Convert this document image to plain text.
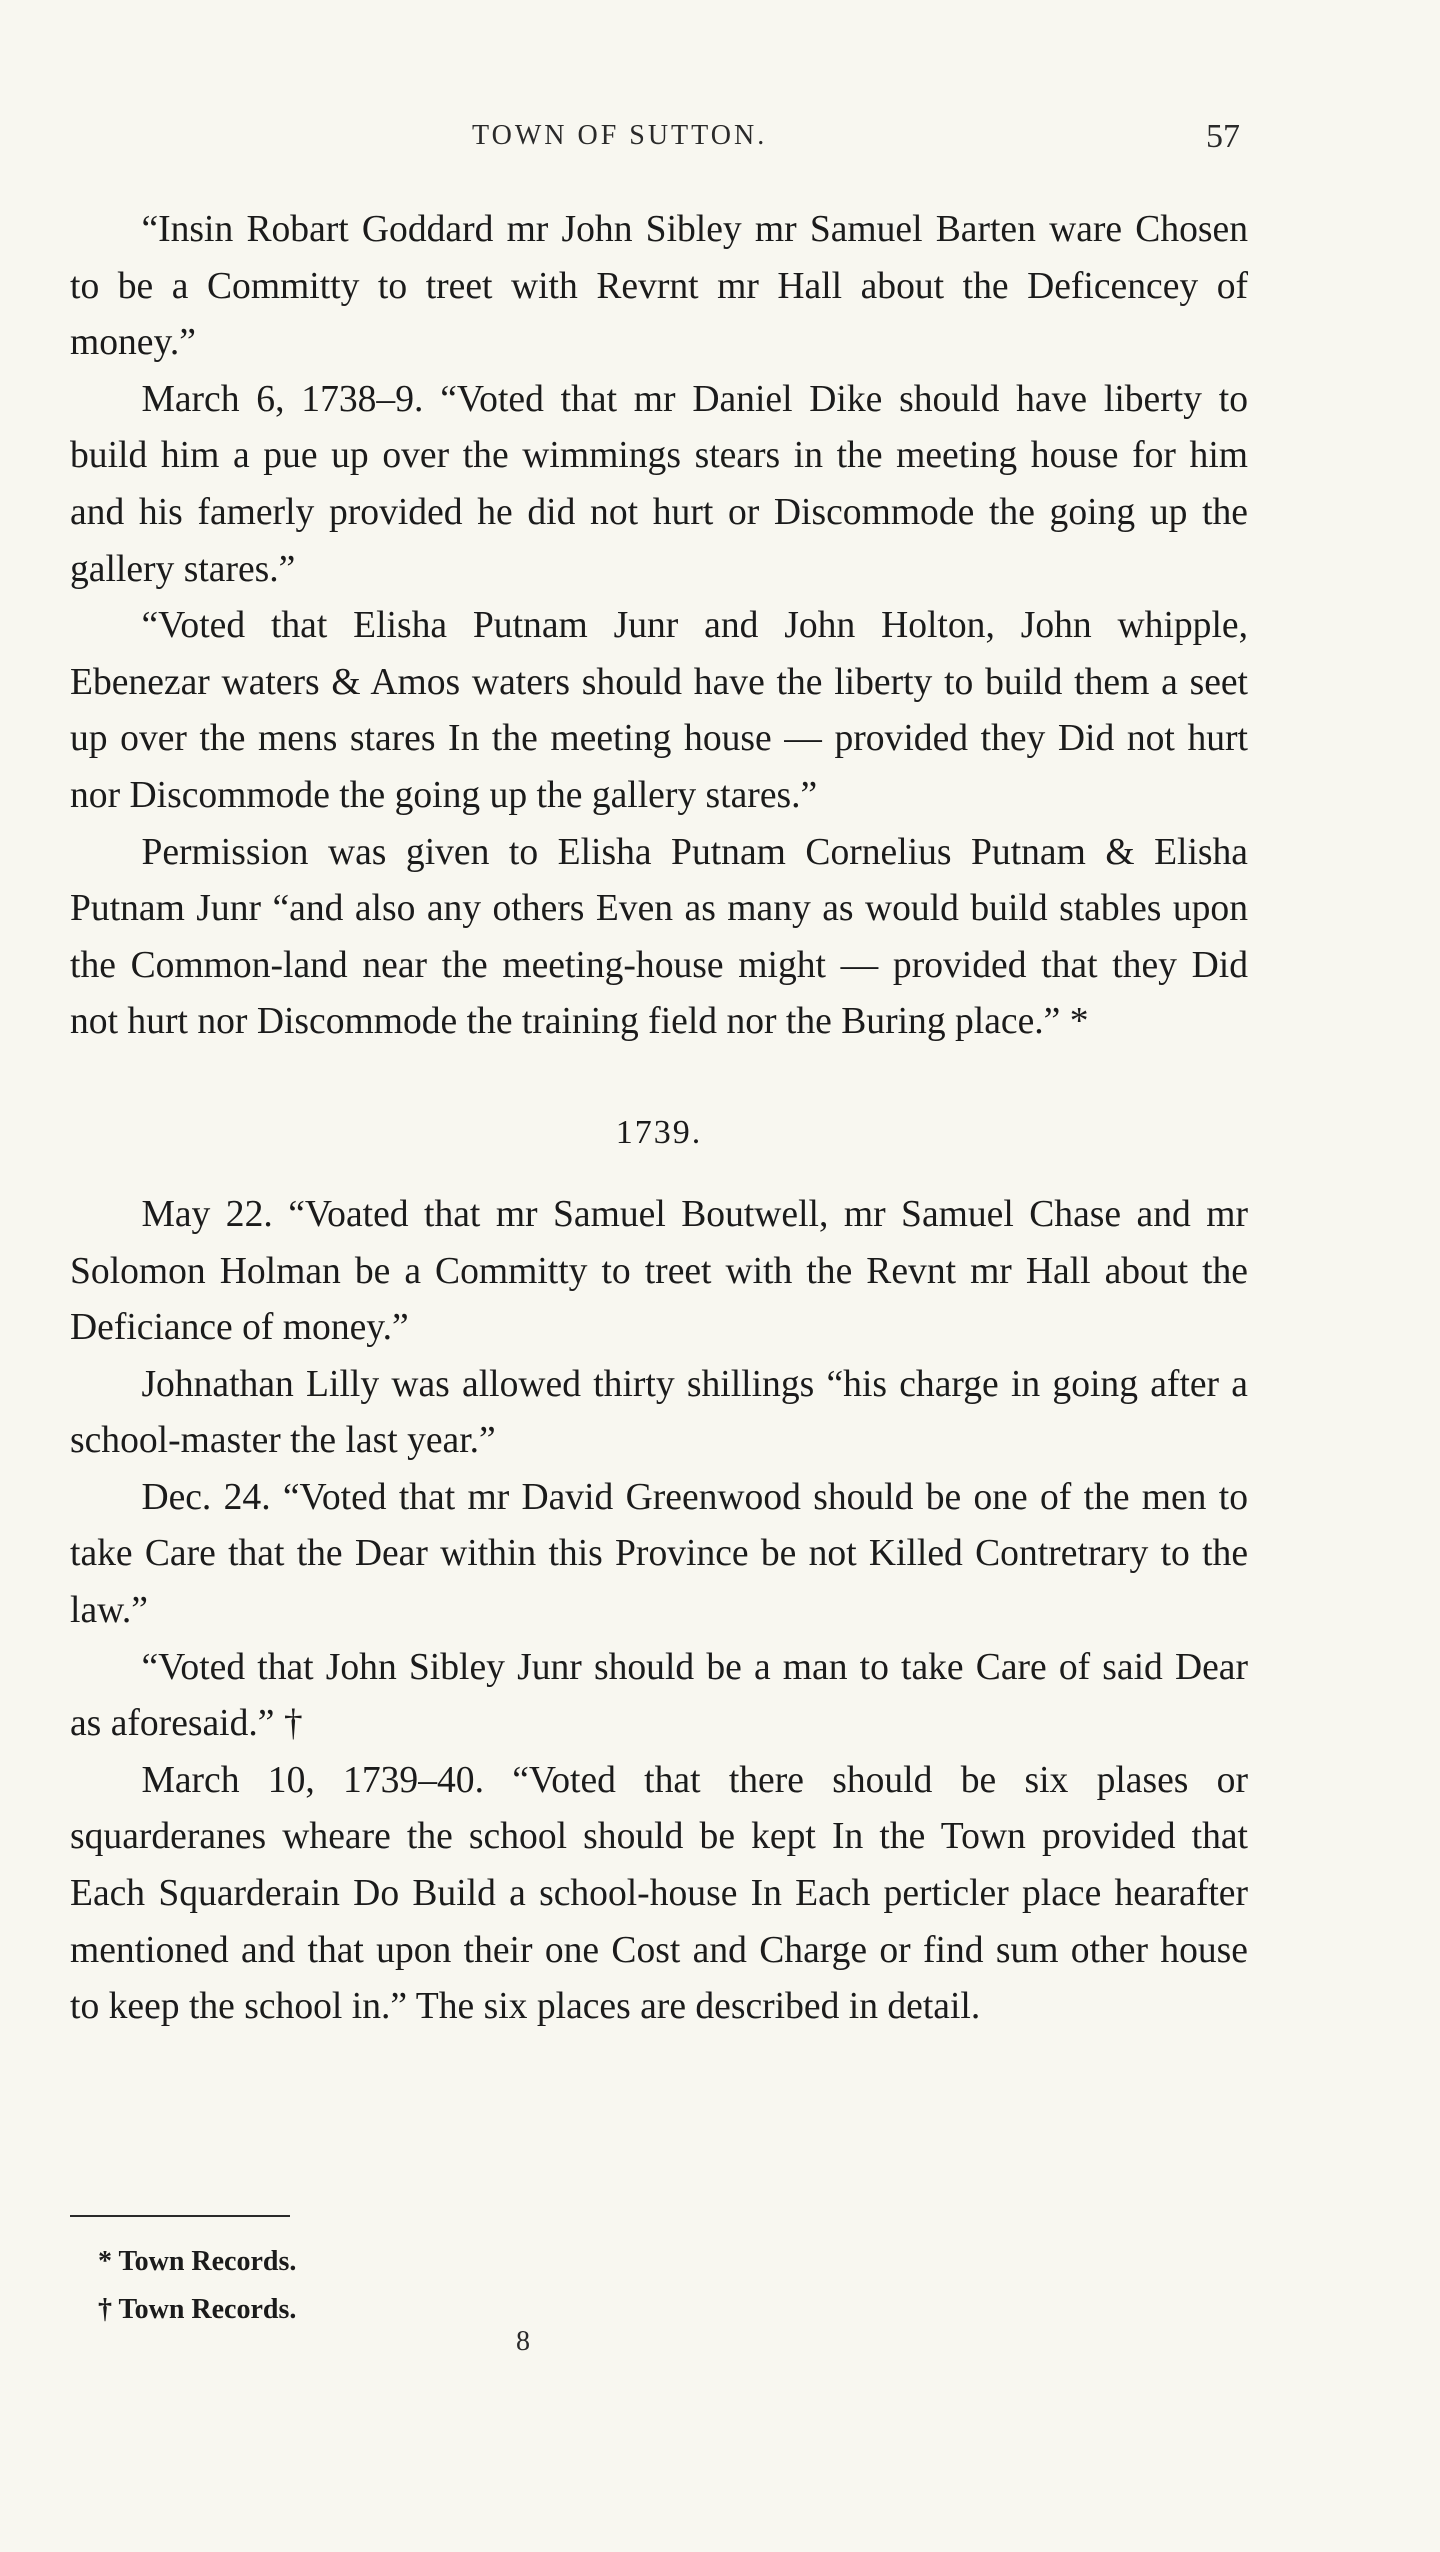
TOWN OF SUTTON.	57

“Insin Robart Goddard mr John Sibley mr Samuel Barten ware Chosen to be a Committy to treet with Revrnt mr Hall about the Deficencey of money.”

March 6, 1738–9. “Voted that mr Daniel Dike should have liberty to build him a pue up over the wimmings stears in the meeting house for him and his famerly provided he did not hurt or Discommode the going up the gallery stares.”

“Voted that Elisha Putnam Junr and John Holton, John whipple, Ebenezar waters & Amos waters should have the liberty to build them a seet up over the mens stares In the meeting house — provided they Did not hurt nor Discommode the going up the gallery stares.”

Permission was given to Elisha Putnam Cornelius Putnam & Elisha Putnam Junr “and also any others Even as many as would build stables upon the Common-land near the meeting-house might — provided that they Did not hurt nor Discommode the training field nor the Buring place.” *

1739.

May 22. “Voated that mr Samuel Boutwell, mr Samuel Chase and mr Solomon Holman be a Committy to treet with the Revnt mr Hall about the Deficiance of money.”

Johnathan Lilly was allowed thirty shillings “his charge in going after a school-master the last year.”

Dec. 24. “Voted that mr David Greenwood should be one of the men to take Care that the Dear within this Province be not Killed Contretrary to the law.”

“Voted that John Sibley Junr should be a man to take Care of said Dear as aforesaid.” †

March 10, 1739–40. “Voted that there should be six plases or squarderanes wheare the school should be kept In the Town provided that Each Squarderain Do Build a school-house In Each perticler place hearafter mentioned and that upon their one Cost and Charge or find sum other house to keep the school in.” The six places are described in detail.

* Town Records.
† Town Records.
8
